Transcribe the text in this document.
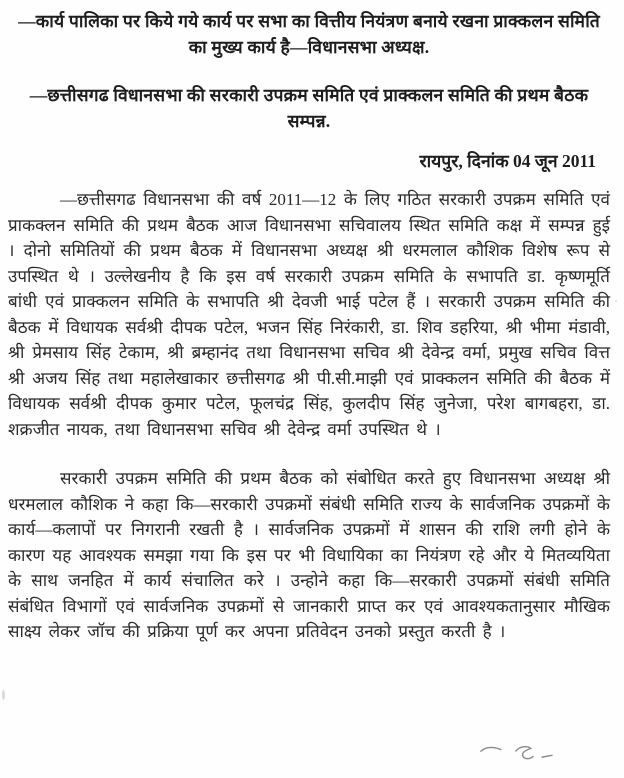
—कार्य पालिका पर किये गये कार्य पर सभा का वित्तीय नियंत्रण बनाये रखना प्राक्कलन समिति का मुख्य कार्य है—विधानसभा अध्यक्ष.
—छत्तीसगढ विधानसभा की सरकारी उपक्रम समिति एवं प्राक्कलन समिति की प्रथम बैठक सम्पन्न.
रायपुर, दिनांक 04 जून 2011

—छत्तीसगढ विधानसभा की वर्ष 2011—12 के लिए गठित सरकारी उपक्रम समिति एवं प्राकक्लन समिति की प्रथम बैठक आज विधानसभा सचिवालय स्थित समिति कक्ष में सम्पन्न हुई । दोनो समितियों की प्रथम बैठक में विधानसभा अध्यक्ष श्री धरमलाल कौशिक विशेष रूप से उपस्थित थे । उल्लेखनीय है कि इस वर्ष सरकारी उपक्रम समिति के सभापति डा. कृष्णमूर्ति बांधी एवं प्राक्कलन समिति के सभापति श्री देवजी भाई पटेल हैं । सरकारी उपक्रम समिति की बैठक में विधायक सर्वश्री दीपक पटेल, भजन सिंह निरंकारी, डा. शिव डहरिया, श्री भीमा मंडावी, श्री प्रेमसाय सिंह टेकाम, श्री ब्रम्हानंद तथा विधानसभा सचिव श्री देवेन्द्र वर्मा, प्रमुख सचिव वित्त श्री अजय सिंह तथा महालेखाकार छत्तीसगढ श्री पी.सी.माझी एवं प्राक्कलन समिति की बैठक में विधायक सर्वश्री दीपक कुमार पटेल, फूलचंद्र सिंह, कुलदीप सिंह जुनेजा, परेश बागबहरा, डा. शक्रजीत नायक, तथा विधानसभा सचिव श्री देवेन्द्र वर्मा उपस्थित थे ।

सरकारी उपक्रम समिति की प्रथम बैठक को संबोधित करते हुए विधानसभा अध्यक्ष श्री धरमलाल कौशिक ने कहा कि—सरकारी उपक्रमों संबंधी समिति राज्य के सार्वजनिक उपक्रमों के कार्य—कलापों पर निगरानी रखती है । सार्वजनिक उपक्रमों में शासन की राशि लगी होने के कारण यह आवश्यक समझा गया कि इस पर भी विधायिका का नियंत्रण रहे और ये मितव्ययिता के साथ जनहित में कार्य संचालित करे । उन्होने कहा कि—सरकारी उपक्रमों संबंधी समिति संबंधित विभागों एवं सार्वजनिक उपक्रमों से जानकारी प्राप्त कर एवं आवश्यकतानुसार मौखिक साक्ष्य लेकर जॉच की प्रक्रिया पूर्ण कर अपना प्रतिवेदन उनको प्रस्तुत करती है ।
